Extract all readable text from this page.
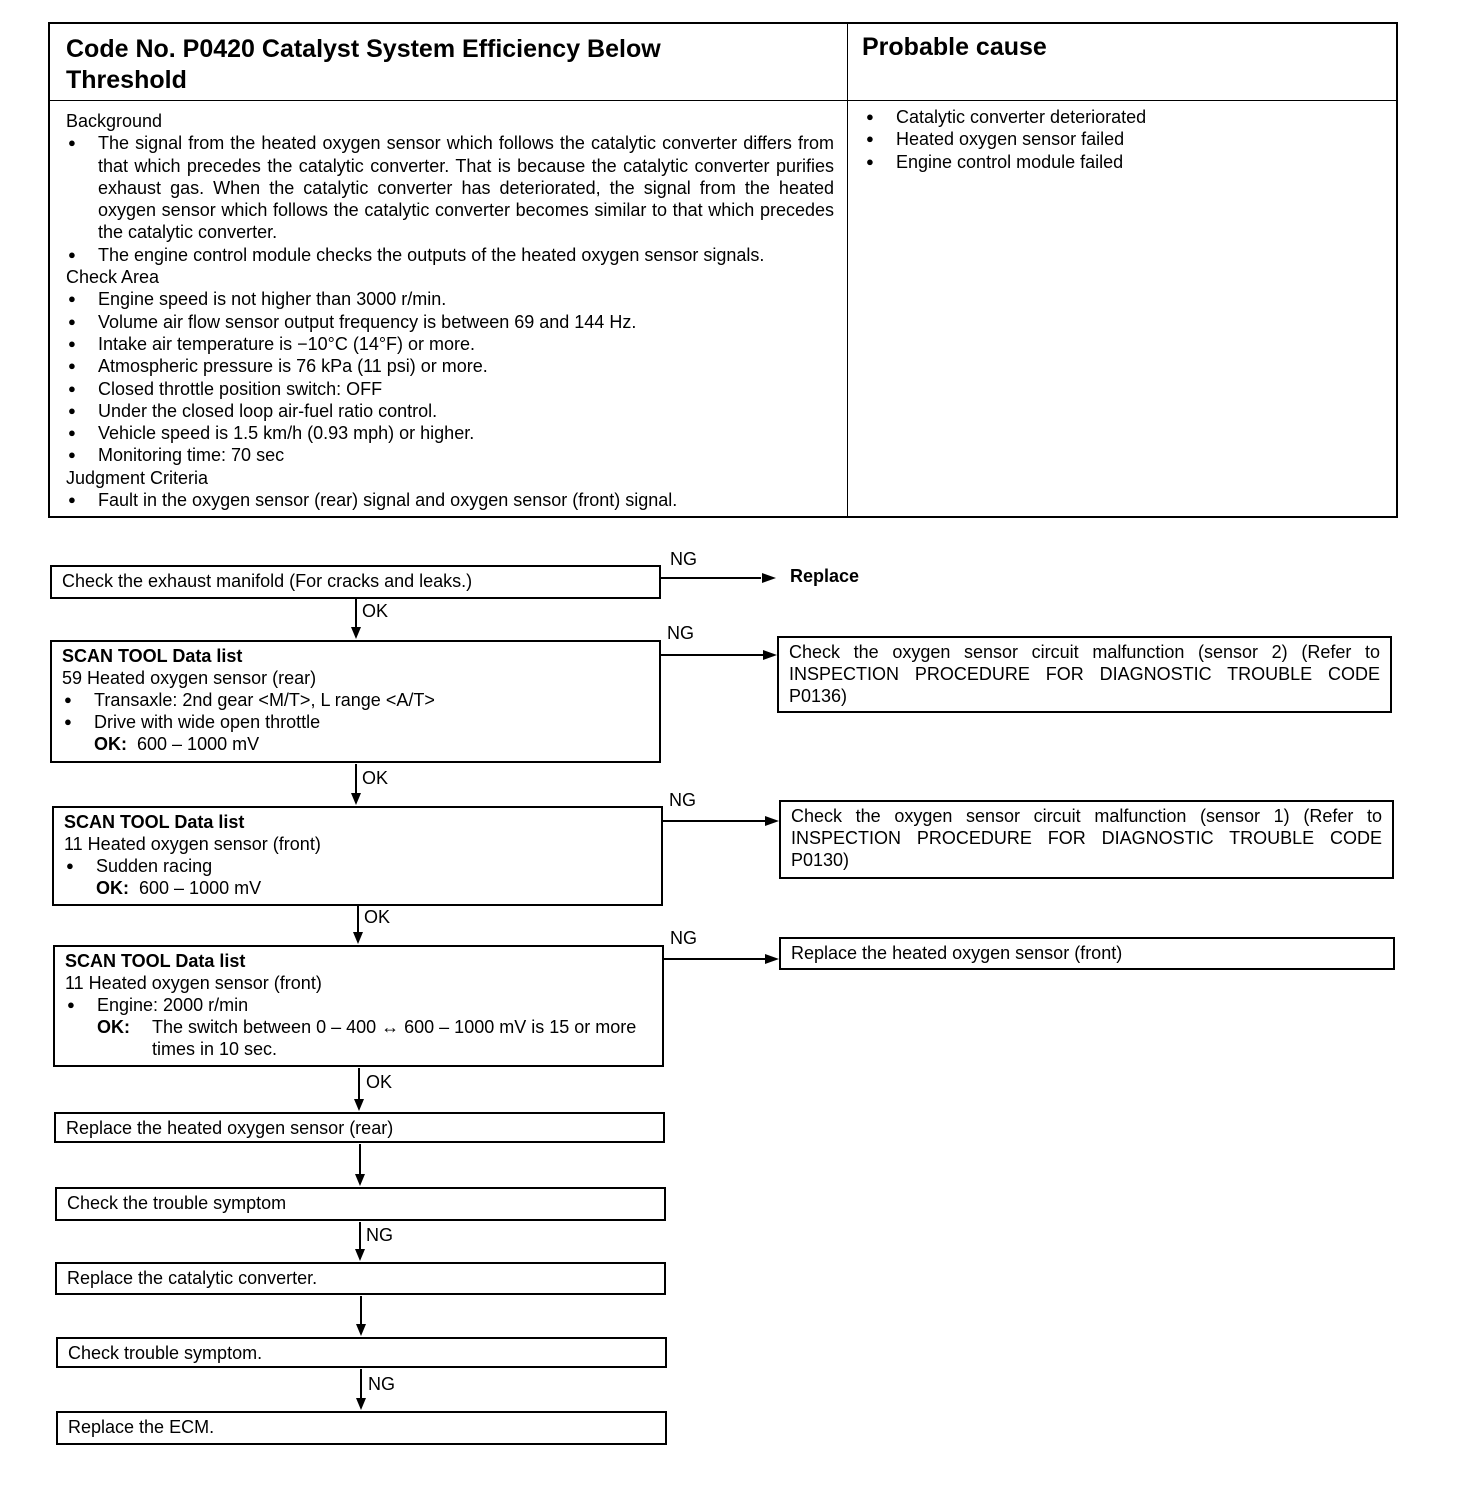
Code No. P0420 Catalyst System Efficiency Below Threshold
Probable cause
Background
● The signal from the heated oxygen sensor which follows the catalytic converter differs from that which precedes the catalytic converter. That is because the catalytic converter purifies exhaust gas. When the catalytic converter has deteriorated, the signal from the heated oxygen sensor which follows the catalytic converter becomes similar to that which precedes the catalytic converter.
● The engine control module checks the outputs of the heated oxygen sensor signals.
Check Area
● Engine speed is not higher than 3000 r/min.
● Volume air flow sensor output frequency is between 69 and 144 Hz.
● Intake air temperature is −10°C (14°F) or more.
● Atmospheric pressure is 76 kPa (11 psi) or more.
● Closed throttle position switch: OFF
● Under the closed loop air-fuel ratio control.
● Vehicle speed is 1.5 km/h (0.93 mph) or higher.
● Monitoring time: 70 sec
Judgment Criteria
● Fault in the oxygen sensor (rear) signal and oxygen sensor (front) signal.
● Catalytic converter deteriorated
● Heated oxygen sensor failed
● Engine control module failed
Check the exhaust manifold (For cracks and leaks.)	Replace
SCAN TOOL Data list
59 Heated oxygen sensor (rear)
● Transaxle: 2nd gear <M/T>, L range <A/T>
● Drive with wide open throttle
OK: 600 – 1000 mV
Check the oxygen sensor circuit malfunction (sensor 2) (Refer to INSPECTION PROCEDURE FOR DIAGNOSTIC TROUBLE CODE P0136)
SCAN TOOL Data list
11 Heated oxygen sensor (front)
● Sudden racing
OK: 600 – 1000 mV
Check the oxygen sensor circuit malfunction (sensor 1) (Refer to INSPECTION PROCEDURE FOR DIAGNOSTIC TROUBLE CODE P0130)
SCAN TOOL Data list
11 Heated oxygen sensor (front)
● Engine: 2000 r/min
OK:	The switch between 0 – 400 ↔ 600 – 1000 mV is 15 or more times in 10 sec.
Replace the heated oxygen sensor (front)
Replace the heated oxygen sensor (rear)
Check the trouble symptom
Replace the catalytic converter.
Check trouble symptom.
Replace the ECM.
OK
OK
OK
OK
NG
NG
NG
NG
NG
NG
